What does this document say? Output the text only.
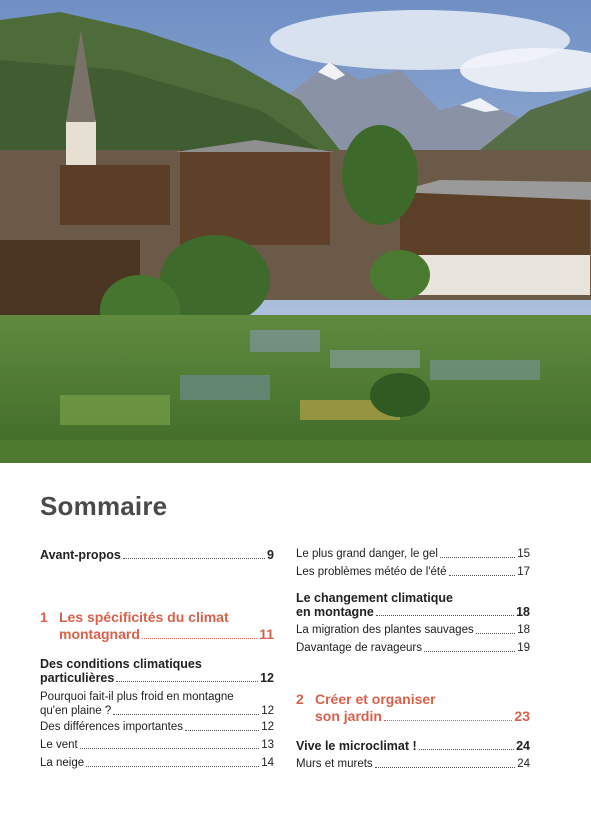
Sommaire
Avant-propos	9
1 Les spécificités du climat
montagnard	11
Des conditions climatiques
particulières	12
Pourquoi fait-il plus froid en montagne
qu'en plaine ?	12
Des différences importantes	12
Le vent	13
La neige	14
Le plus grand danger, le gel	15
Les problèmes météo de l'été	17
Le changement climatique
en montagne	18
La migration des plantes sauvages	18
Davantage de ravageurs	19
2 Créer et organiser
son jardin	23
Vive le microclimat !	24
Murs et murets	24
